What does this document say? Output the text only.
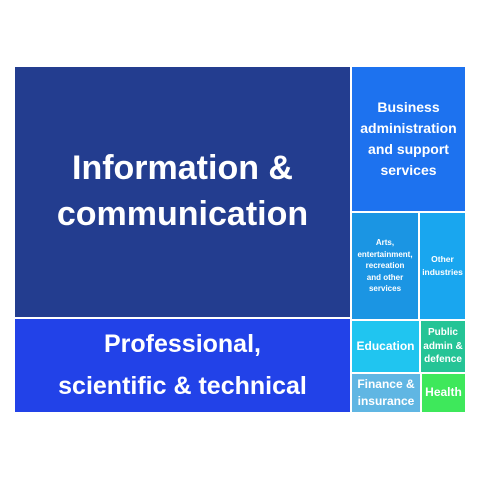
Information &
communication
Professional,
scientific & technical
Business
administration
and support
services
Arts,
entertainment,
recreation
and other
services
Other
industries
Education
Public
admin &
defence
Finance &
insurance
Health
